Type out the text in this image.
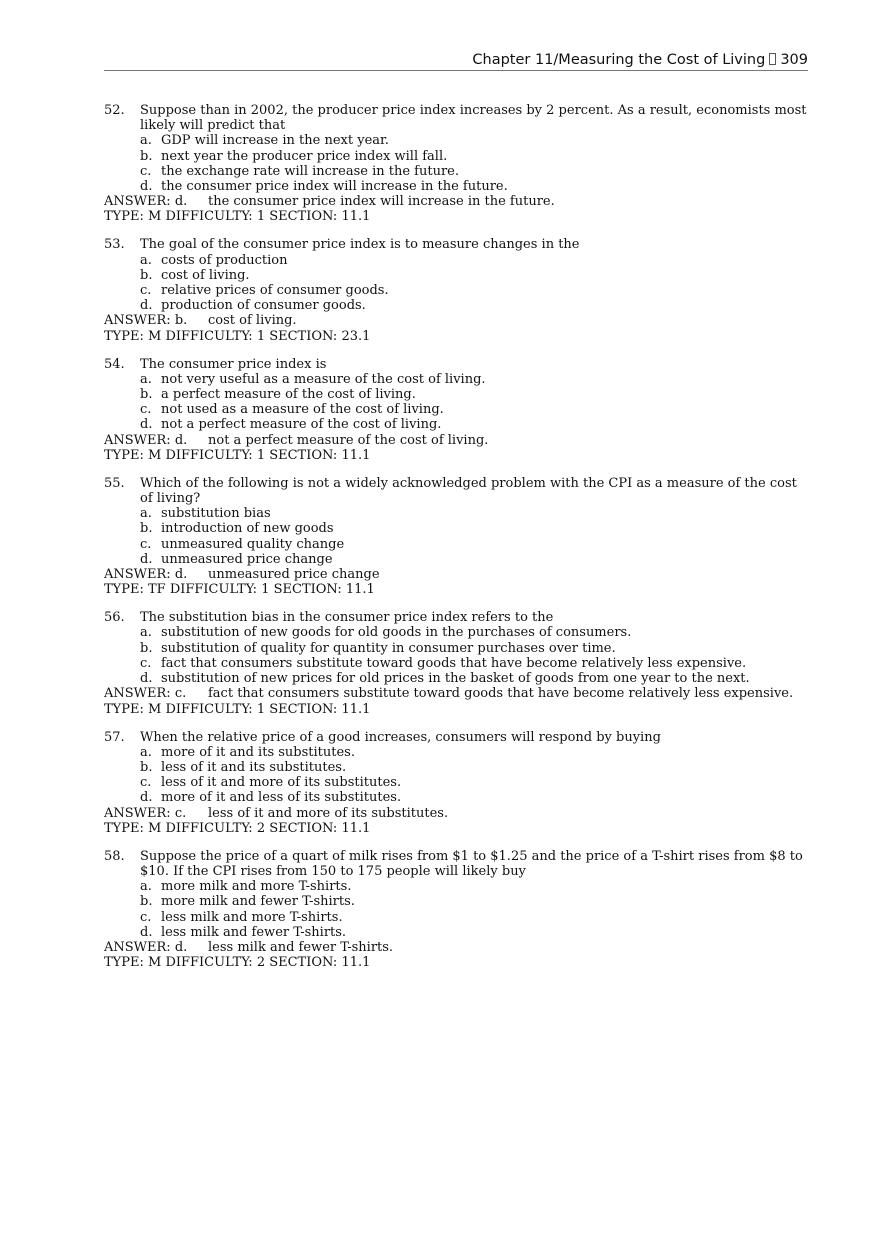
Chapter 11/Measuring the Cost of Living 309
52.	Suppose than in 2002, the producer price index increases by 2 percent. As a result, economists most likely will predict that
a. GDP will increase in the next year.
b. next year the producer price index will fall.
c. the exchange rate will increase in the future.
d. the consumer price index will increase in the future.
ANSWER: d. the consumer price index will increase in the future.
TYPE: M DIFFICULTY: 1 SECTION: 11.1
53.	The goal of the consumer price index is to measure changes in the
a. costs of production
b. cost of living.
c. relative prices of consumer goods.
d. production of consumer goods.
ANSWER: b. cost of living.
TYPE: M DIFFICULTY: 1 SECTION: 23.1
54.	The consumer price index is
a. not very useful as a measure of the cost of living.
b. a perfect measure of the cost of living.
c. not used as a measure of the cost of living.
d. not a perfect measure of the cost of living.
ANSWER: d. not a perfect measure of the cost of living.
TYPE: M DIFFICULTY: 1 SECTION: 11.1
55.	Which of the following is not a widely acknowledged problem with the CPI as a measure of the cost of living?
a. substitution bias
b. introduction of new goods
c. unmeasured quality change
d. unmeasured price change
ANSWER: d. unmeasured price change
TYPE: TF DIFFICULTY: 1 SECTION: 11.1
56.	The substitution bias in the consumer price index refers to the
a. substitution of new goods for old goods in the purchases of consumers.
b. substitution of quality for quantity in consumer purchases over time.
c. fact that consumers substitute toward goods that have become relatively less expensive.
d. substitution of new prices for old prices in the basket of goods from one year to the next.
ANSWER: c. fact that consumers substitute toward goods that have become relatively less expensive.
TYPE: M DIFFICULTY: 1 SECTION: 11.1
57.	When the relative price of a good increases, consumers will respond by buying
a. more of it and its substitutes.
b. less of it and its substitutes.
c. less of it and more of its substitutes.
d. more of it and less of its substitutes.
ANSWER: c. less of it and more of its substitutes.
TYPE: M DIFFICULTY: 2 SECTION: 11.1
58.	Suppose the price of a quart of milk rises from $1 to $1.25 and the price of a T-shirt rises from $8 to $10. If the CPI rises from 150 to 175 people will likely buy
a. more milk and more T-shirts.
b. more milk and fewer T-shirts.
c. less milk and more T-shirts.
d. less milk and fewer T-shirts.
ANSWER: d. less milk and fewer T-shirts.
TYPE: M DIFFICULTY: 2 SECTION: 11.1
